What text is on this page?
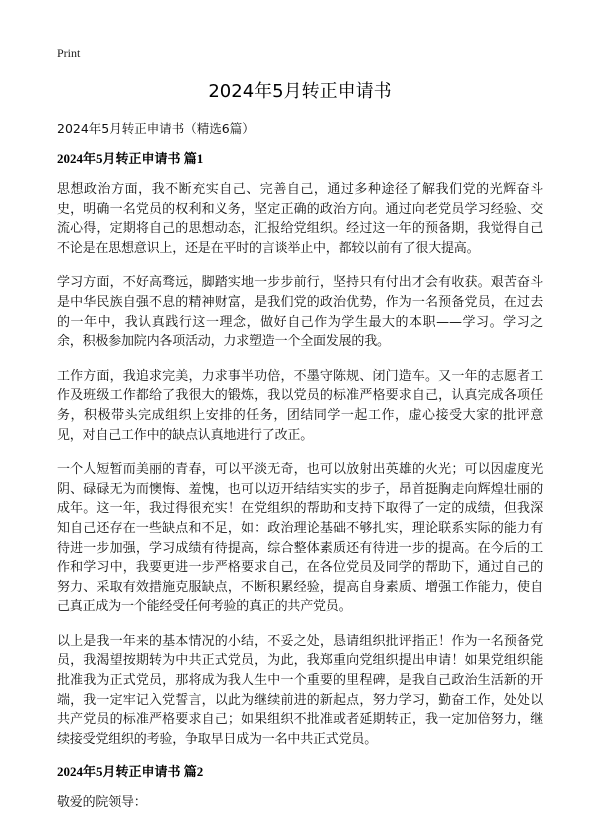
Print
2024年5月转正申请书
2024年5月转正申请书（精选6篇）
2024年5月转正申请书 篇1

思想政治方面，我不断充实自己、完善自己，通过多种途径了解我们党的光辉奋斗史，明确一名党员的权利和义务，坚定正确的政治方向。通过向老党员学习经验、交流心得，定期将自己的思想动态，汇报给党组织。经过这一年的预备期，我觉得自己不论是在思想意识上，还是在平时的言谈举止中，都较以前有了很大提高。

学习方面，不好高骛远，脚踏实地一步步前行，坚持只有付出才会有收获。艰苦奋斗是中华民族自强不息的精神财富，是我们党的政治优势，作为一名预备党员，在过去的一年中，我认真践行这一理念，做好自己作为学生最大的本职——学习。学习之余，积极参加院内各项活动，力求塑造一个全面发展的我。

工作方面，我追求完美，力求事半功倍，不墨守陈规、闭门造车。又一年的志愿者工作及班级工作都给了我很大的锻炼，我以党员的标准严格要求自己，认真完成各项任务，积极带头完成组织上安排的任务，团结同学一起工作，虚心接受大家的批评意见，对自己工作中的缺点认真地进行了改正。

一个人短暂而美丽的青春，可以平淡无奇，也可以放射出英雄的火光；可以因虚度光阴、碌碌无为而懊悔、羞愧，也可以迈开结结实实的步子，昂首挺胸走向辉煌壮丽的成年。这一年，我过得很充实！在党组织的帮助和支持下取得了一定的成绩，但我深知自己还存在一些缺点和不足，如：政治理论基础不够扎实，理论联系实际的能力有待进一步加强，学习成绩有待提高，综合整体素质还有待进一步的提高。在今后的工作和学习中，我要更进一步严格要求自己，在各位党员及同学的帮助下，通过自己的努力、采取有效措施克服缺点，不断积累经验，提高自身素质、增强工作能力，使自己真正成为一个能经受任何考验的真正的共产党员。

以上是我一年来的基本情况的小结，不妥之处，恳请组织批评指正！作为一名预备党员，我渴望按期转为中共正式党员，为此，我郑重向党组织提出申请！如果党组织能批准我为正式党员，那将成为我人生中一个重要的里程碑，是我自己政治生活新的开端，我一定牢记入党誓言，以此为继续前进的新起点，努力学习，勤奋工作，处处以共产党员的标准严格要求自己；如果组织不批准或者延期转正，我一定加倍努力，继续接受党组织的考验，争取早日成为一名中共正式党员。

2024年5月转正申请书 篇2

敬爱的院领导：
